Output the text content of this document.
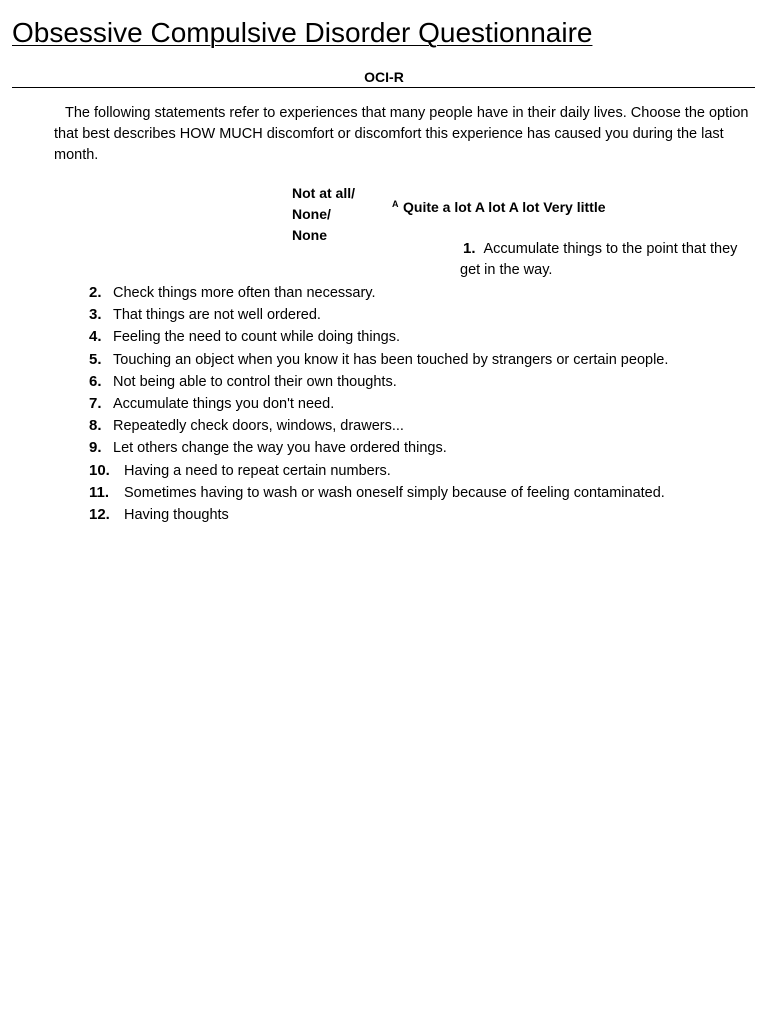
Obsessive Compulsive Disorder Questionnaire
OCI-R

The following statements refer to experiences that many people have in their daily lives. Choose the option that best describes HOW MUCH discomfort or discomfort this experience has caused you during the last month.

Not at all/
None/
None
A Quite a lot A lot A lot Very little
1. Accumulate things to the point that they get in the way.
2. Check things more often than necessary.
3. That things are not well ordered.
4. Feeling the need to count while doing things.
5. Touching an object when you know it has been touched by strangers or certain people.
6. Not being able to control their own thoughts.
7. Accumulate things you don't need.
8. Repeatedly check doors, windows, drawers...
9. Let others change the way you have ordered things.
10. Having a need to repeat certain numbers.
11. Sometimes having to wash or wash oneself simply because of feeling contaminated.
12. Having thoughts
